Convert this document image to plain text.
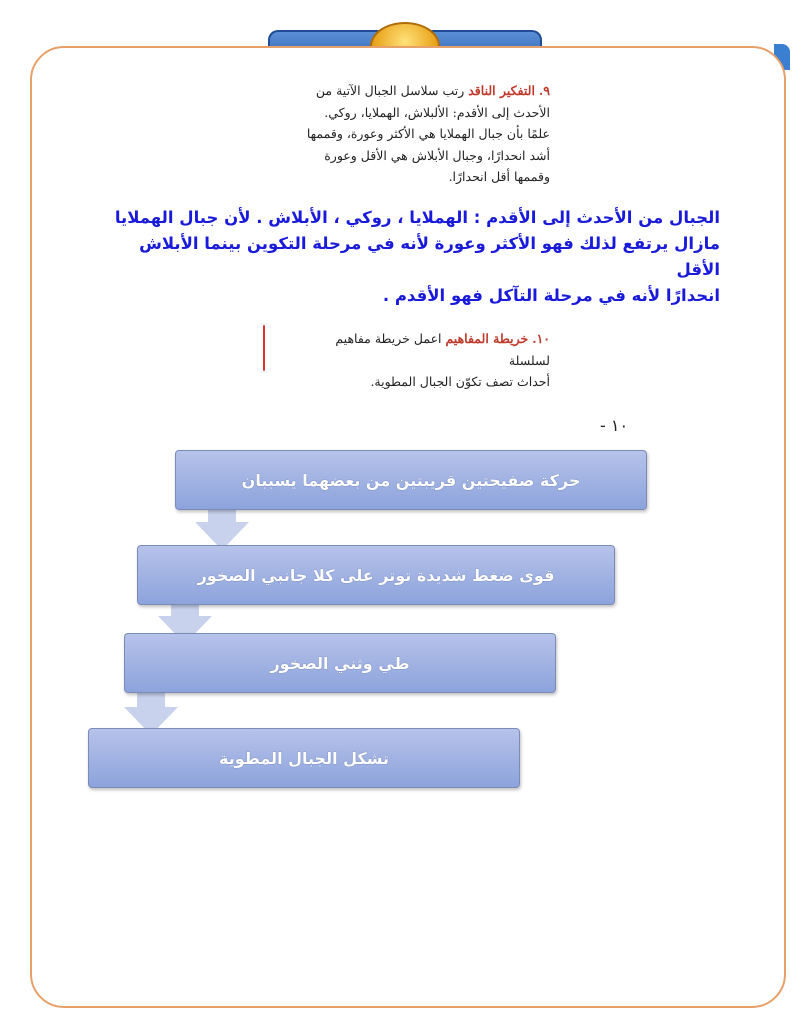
٩. التفكير الناقد رتب سلاسل الجبال الآتية من
الأحدث إلى الأقدم: الألبلاش، الهملايا، روكي.
علمًا بأن جبال الهملايا هي الأكثر وعورة، وقممها
أشد انحدارًا، وجبال الأبلاش هي الأقل وعورة
وقممها أقل انحدارًا.
الجبال من الأحدث إلى الأقدم : الهملايا ، روكي ، الأبلاش . لأن جبال الهملايا
مازال يرتفع لذلك فهو الأكثر وعورة لأنه في مرحلة التكوين بينما الأبلاش الأقل
انحدارًا لأنه في مرحلة التآكل فهو الأقدم .
١٠. خريطة المفاهيم اعمل خريطة مفاهيم لسلسلة
أحداث تصف تكوّن الجبال المطوية.
١٠ -
حركة صفيحتين قريبتين من بعضهما يسببان
قوى ضغط شديدة توتر على كلا جانبي الصخور
طي وثني الصخور
تشكل الجبال المطوية
